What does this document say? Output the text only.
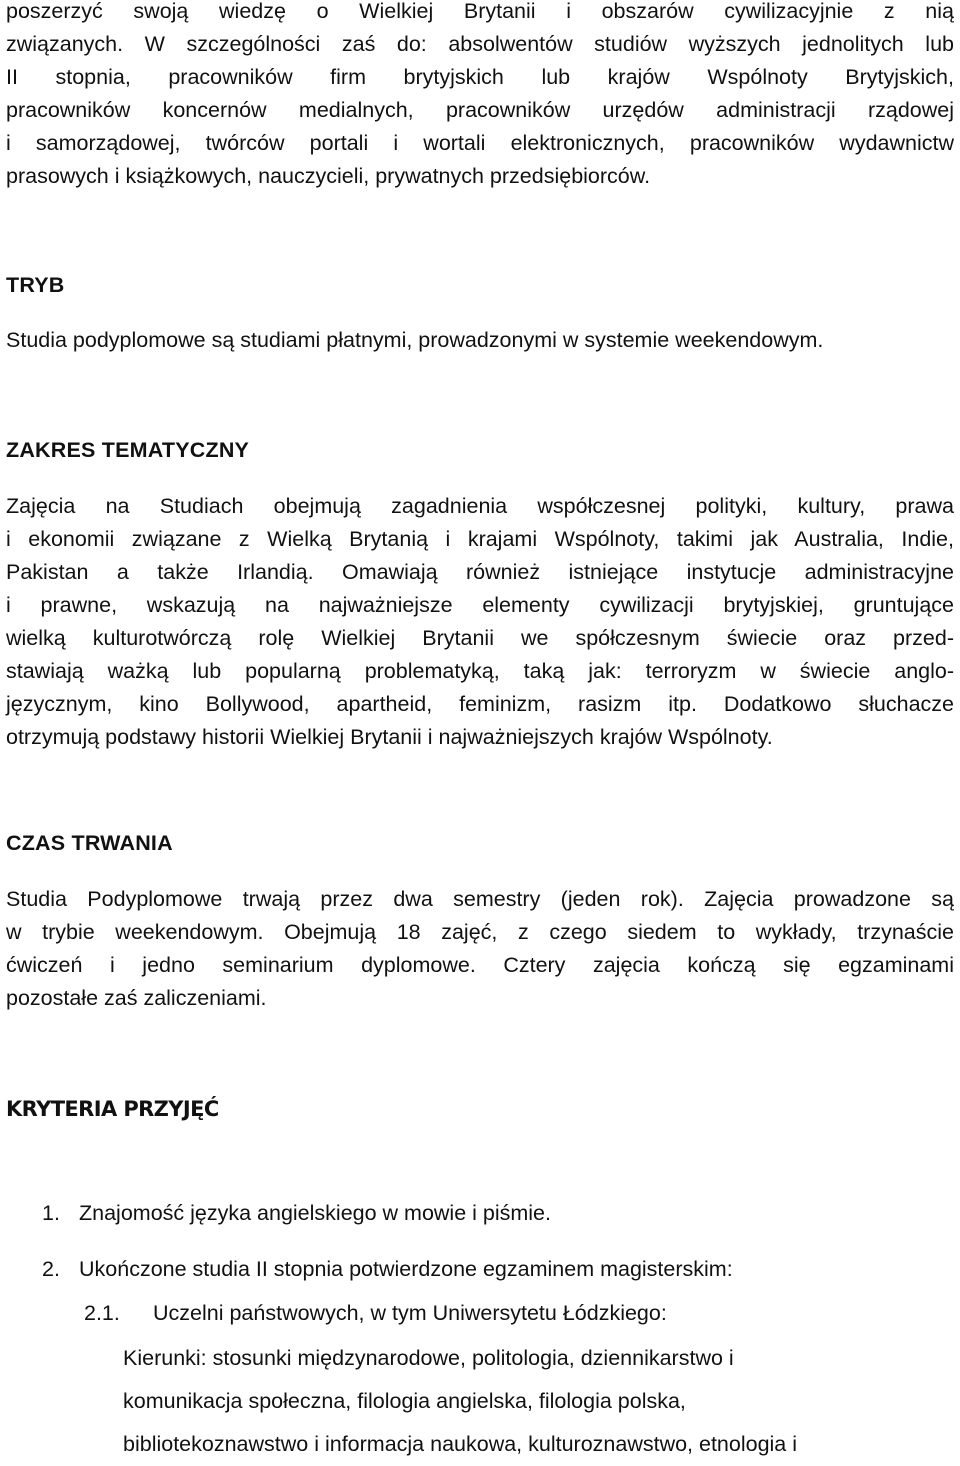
poszerzyć swoją wiedzę o Wielkiej Brytanii i obszarów cywilizacyjnie z nią
związanych. W szczególności zaś do: absolwentów studiów wyższych jednolitych lub
II stopnia, pracowników firm brytyjskich lub krajów Wspólnoty Brytyjskich,
pracowników koncernów medialnych, pracowników urzędów administracji rządowej
i samorządowej, twórców portali i wortali elektronicznych, pracowników wydawnictw
prasowych i książkowych, nauczycieli, prywatnych przedsiębiorców.
TRYB
Studia podyplomowe są studiami płatnymi, prowadzonymi w systemie weekendowym.
ZAKRES TEMATYCZNY
Zajęcia na Studiach obejmują zagadnienia współczesnej polityki, kultury, prawa
i ekonomii związane z Wielką Brytanią i krajami Wspólnoty, takimi jak Australia, Indie,
Pakistan a także Irlandią. Omawiają również istniejące instytucje administracyjne
i prawne, wskazują na najważniejsze elementy cywilizacji brytyjskiej, gruntujące
wielką kulturotwórczą rolę Wielkiej Brytanii we spółczesnym świecie oraz przed-
stawiają ważką lub popularną problematyką, taką jak: terroryzm w świecie anglo-
języcznym, kino Bollywood, apartheid, feminizm, rasizm itp. Dodatkowo słuchacze
otrzymują podstawy historii Wielkiej Brytanii i najważniejszych krajów Wspólnoty.
CZAS TRWANIA
Studia Podyplomowe trwają przez dwa semestry (jeden rok). Zajęcia prowadzone są
w trybie weekendowym. Obejmują 18 zajęć, z czego siedem to wykłady, trzynaście
ćwiczeń i jedno seminarium dyplomowe. Cztery zajęcia kończą się egzaminami
pozostałe zaś zaliczeniami.
KRYTERIA PRZYJĘĆ
1. Znajomość języka angielskiego w mowie i piśmie.
2. Ukończone studia II stopnia potwierdzone egzaminem magisterskim:
2.1. Uczelni państwowych, w tym Uniwersytetu Łódzkiego:
Kierunki: stosunki międzynarodowe, politologia, dziennikarstwo i
komunikacja społeczna, filologia angielska, filologia polska,
bibliotekoznawstwo i informacja naukowa, kulturoznawstwo, etnologia i
